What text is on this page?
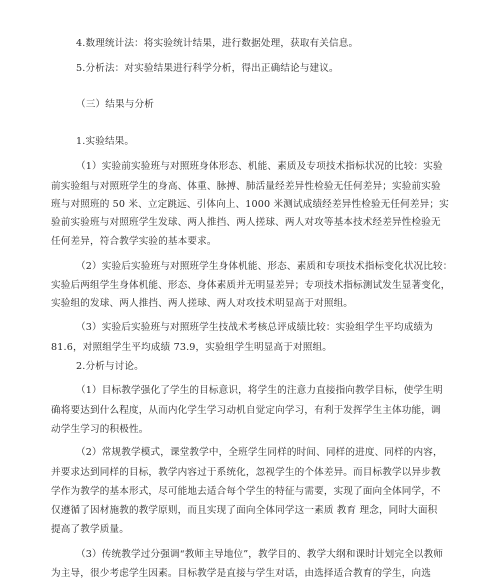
4.数理统计法：将实验统计结果，进行数据处理，获取有关信息。
5.分析法：对实验结果进行科学分析，得出正确结论与建议。
（三）结果与分析
1.实验结果。
（1）实验前实验班与对照班身体形态、机能、素质及专项技术指标状况的比较：实验
前实验组与对照班学生的身高、体重、脉搏、肺活量经差异性检验无任何差异；实验前实验
班与对照班的 50 米、立定跳远、引体向上、1000 米测试成绩经差异性检验无任何差异；实
验前实验班与对照班学生发球、两人推挡、两人搓球、两人对攻等基本技术经差异性检验无
任何差异，符合教学实验的基本要求。
（2）实验后实验班与对照班学生身体机能、形态、素质和专项技术指标变化状况比较：
实验后两组学生身体机能、形态、身体素质并无明显差异；专项技术指标测试发生显著变化，
实验组的发球、两人推挡、两人搓球、两人对攻技术明显高于对照组。
（3）实验后实验班与对照班学生技战术考核总评成绩比较：实验组学生平均成绩为
81.6，对照组学生平均成绩 73.9，实验组学生明显高于对照组。
2.分析与讨论。
（1）目标教学强化了学生的目标意识，将学生的注意力直接指向教学目标，使学生明
确将要达到什么程度，从而内化学生学习动机自觉定向学习，有利于发挥学生主体功能，调
动学生学习的积极性。
（2）常规教学模式，课堂教学中，全班学生同样的时间、同样的进度、同样的内容，
并要求达到同样的目标，教学内容过于系统化，忽视学生的个体差异。而目标教学以异步教
学作为教学的基本形式，尽可能地去适合每个学生的特征与需要，实现了面向全体同学，不
仅遵循了因材施教的教学原则，而且实现了面向全体同学这一素质 教育 理念，同时大面积
提高了教学质量。
（3）传统教学过分强调“教师主导地位”，教学目的、教学大纲和课时计划完全以教师
为主导，很少考虑学生因素。目标教学是直接与学生对话，由选择适合教育的学生，向选
